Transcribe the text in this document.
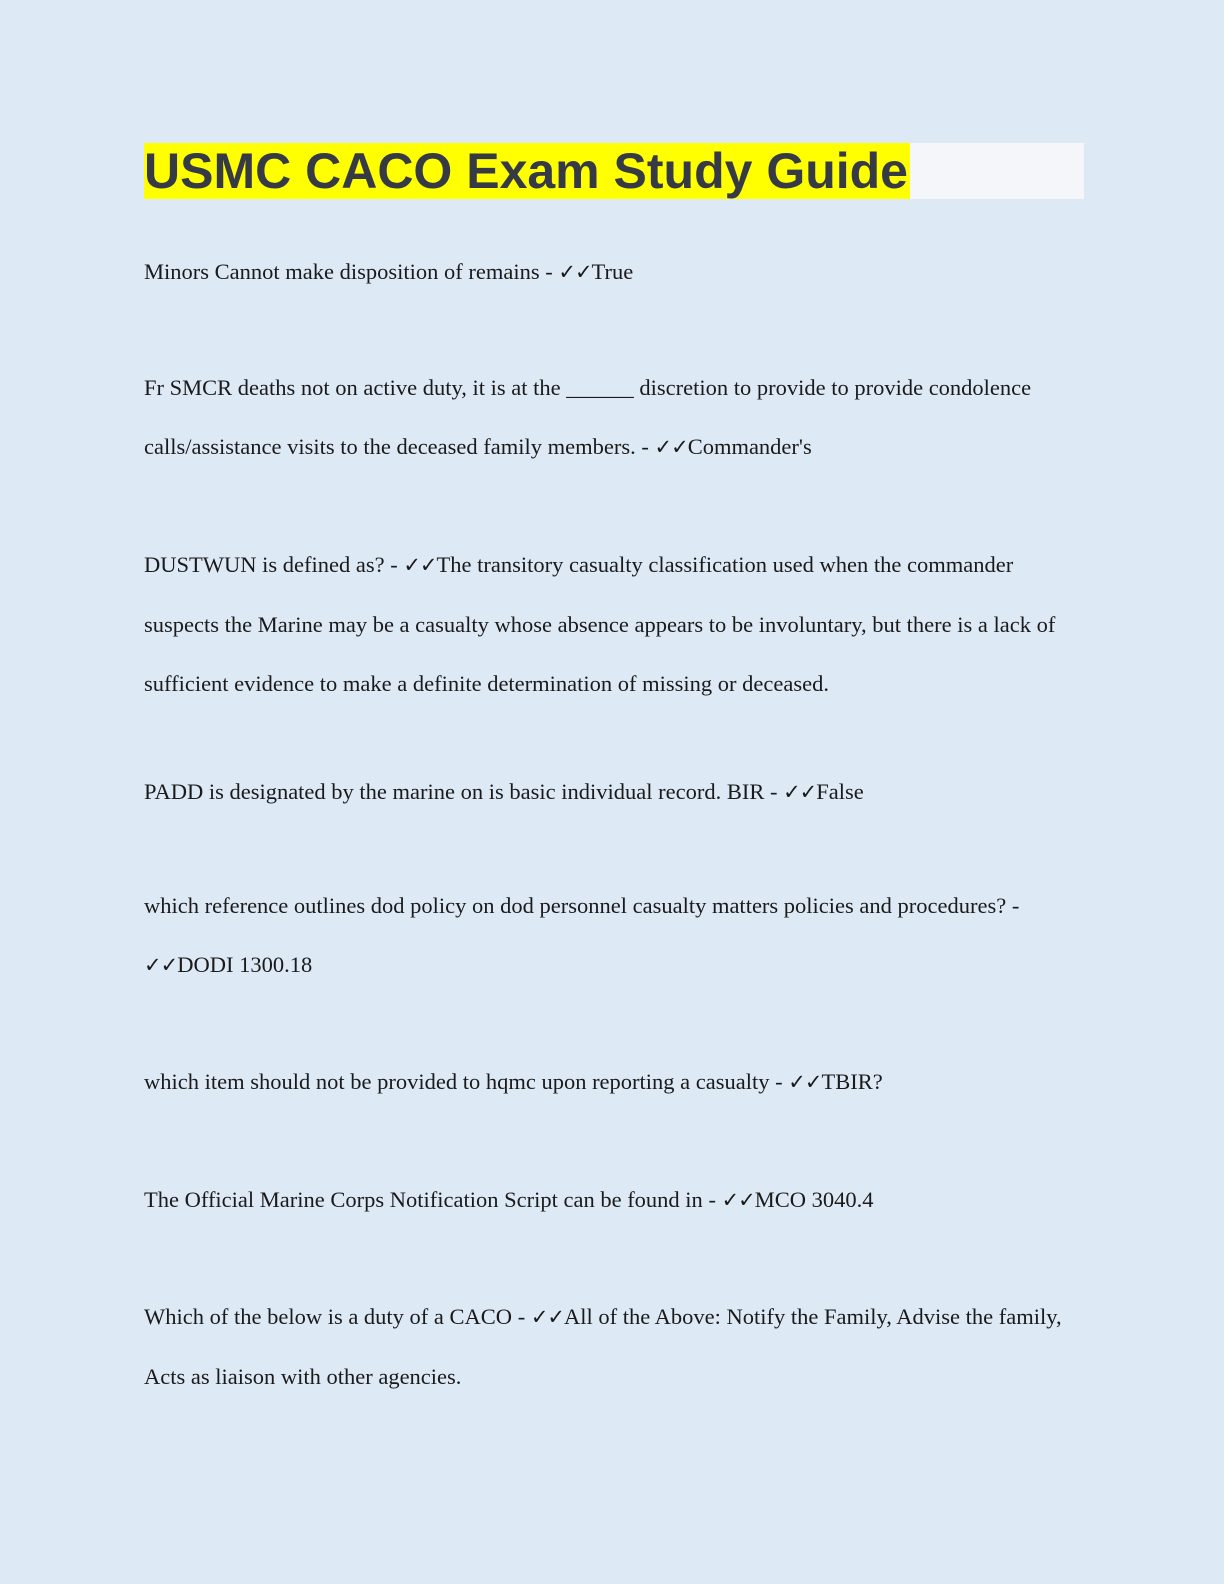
USMC CACO Exam Study Guide
Minors Cannot make disposition of remains - ✓✓True
Fr SMCR deaths not on active duty, it is at the ______ discretion to provide to provide condolence calls/assistance visits to the deceased family members. - ✓✓Commander's
DUSTWUN is defined as? - ✓✓The transitory casualty classification used when the commander suspects the Marine may be a casualty whose absence appears to be involuntary, but there is a lack of sufficient evidence to make a definite determination of missing or deceased.
PADD is designated by the marine on is basic individual record. BIR - ✓✓False
which reference outlines dod policy on dod personnel casualty matters policies and procedures? - ✓✓DODI 1300.18
which item should not be provided to hqmc upon reporting a casualty - ✓✓TBIR?
The Official Marine Corps Notification Script can be found in - ✓✓MCO 3040.4
Which of the below is a duty of a CACO - ✓✓All of the Above: Notify the Family, Advise the family, Acts as liaison with other agencies.
